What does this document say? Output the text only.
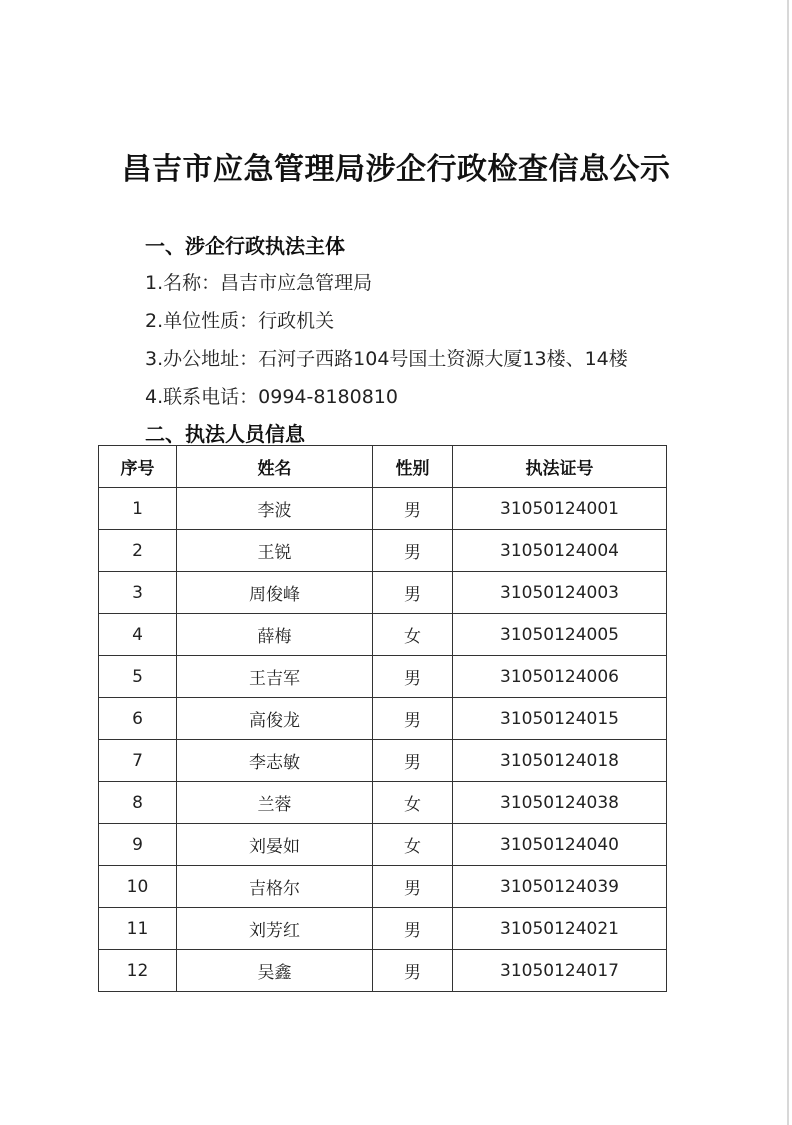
昌吉市应急管理局涉企行政检查信息公示
一、涉企行政执法主体
1.名称：昌吉市应急管理局
2.单位性质：行政机关
3.办公地址：石河子西路104号国土资源大厦13楼、14楼
4.联系电话：0994-8180810
二、执法人员信息
序号	姓名	性别	执法证号
1	李波	男	31050124001
2	王锐	男	31050124004
3	周俊峰	男	31050124003
4	薛梅	女	31050124005
5	王吉军	男	31050124006
6	高俊龙	男	31050124015
7	李志敏	男	31050124018
8	兰蓉	女	31050124038
9	刘晏如	女	31050124040
10	吉格尔	男	31050124039
11	刘芳红	男	31050124021
12	吴鑫	男	31050124017
